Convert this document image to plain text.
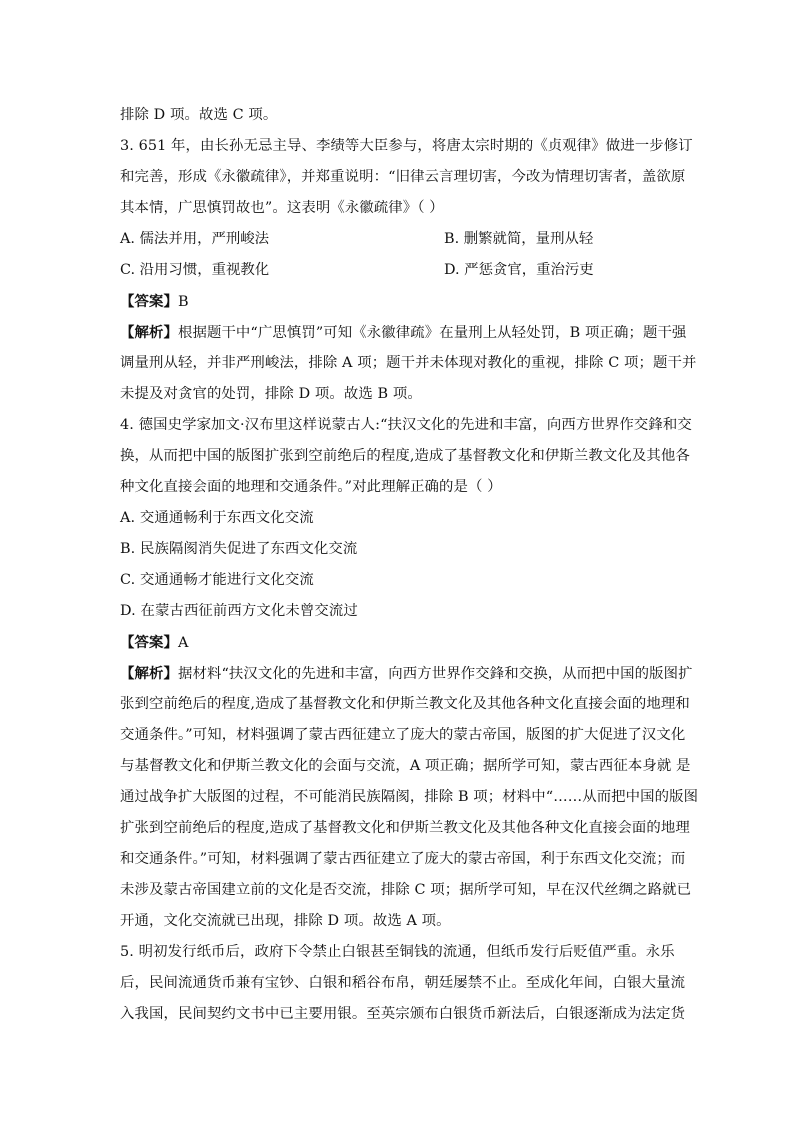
排除 D 项。故选 C 项。

3. 651 年，由长孙无忌主导、李绩等大臣参与，将唐太宗时期的《贞观律》做进一步修订

和完善，形成《永徽疏律》，并郑重说明：“旧律云言理切害，今改为情理切害者，盖欲原

其本情，广思慎罚故也”。这表明《永徽疏律》（ ）

A. 儒法并用，严刑峻法	B. 删繁就简，量刑从轻
C. 沿用习惯，重视教化	D. 严惩贪官，重治污吏

【答案】B

【解析】根据题干中“广思慎罚”可知《永徽律疏》在量刑上从轻处罚，B 项正确；题干强

调量刑从轻，并非严刑峻法，排除 A 项；题干并未体现对教化的重视，排除 C 项；题干并

未提及对贪官的处罚，排除 D 项。故选 B 项。

4. 德国史学家加文·汉布里这样说蒙古人:“扶汉文化的先进和丰富，向西方世界作交鋒和交

换，从而把中国的版图扩张到空前绝后的程度,造成了基督教文化和伊斯兰教文化及其他各

种文化直接会面的地理和交通条件。”对此理解正确的是（ ）

A. 交通通畅利于东西文化交流

B. 民族隔阂消失促进了东西文化交流

C. 交通通畅才能进行文化交流

D. 在蒙古西征前西方文化未曾交流过

【答案】A

【解析】据材料“扶汉文化的先进和丰富，向西方世界作交鋒和交换，从而把中国的版图扩

张到空前绝后的程度,造成了基督教文化和伊斯兰教文化及其他各种文化直接会面的地理和

交通条件。”可知，材料强调了蒙古西征建立了庞大的蒙古帝国，版图的扩大促进了汉文化

与基督教文化和伊斯兰教文化的会面与交流，A 项正确；据所学可知，蒙古西征本身就 是

通过战争扩大版图的过程，不可能消民族隔阂，排除 B 项；材料中“……从而把中国的版图

扩张到空前绝后的程度,造成了基督教文化和伊斯兰教文化及其他各种文化直接会面的地理

和交通条件。”可知，材料强调了蒙古西征建立了庞大的蒙古帝国，利于东西文化交流；而

未涉及蒙古帝国建立前的文化是否交流，排除 C 项；据所学可知，早在汉代丝绸之路就已

开通，文化交流就已出现，排除 D 项。故选 A 项。

5. 明初发行纸币后，政府下令禁止白银甚至铜钱的流通，但纸币发行后贬值严重。永乐

后，民间流通货币兼有宝钞、白银和稻谷布帛，朝廷屡禁不止。至成化年间，白银大量流

入我国，民间契约文书中已主要用银。至英宗颁布白银货币新法后，白银逐渐成为法定货
